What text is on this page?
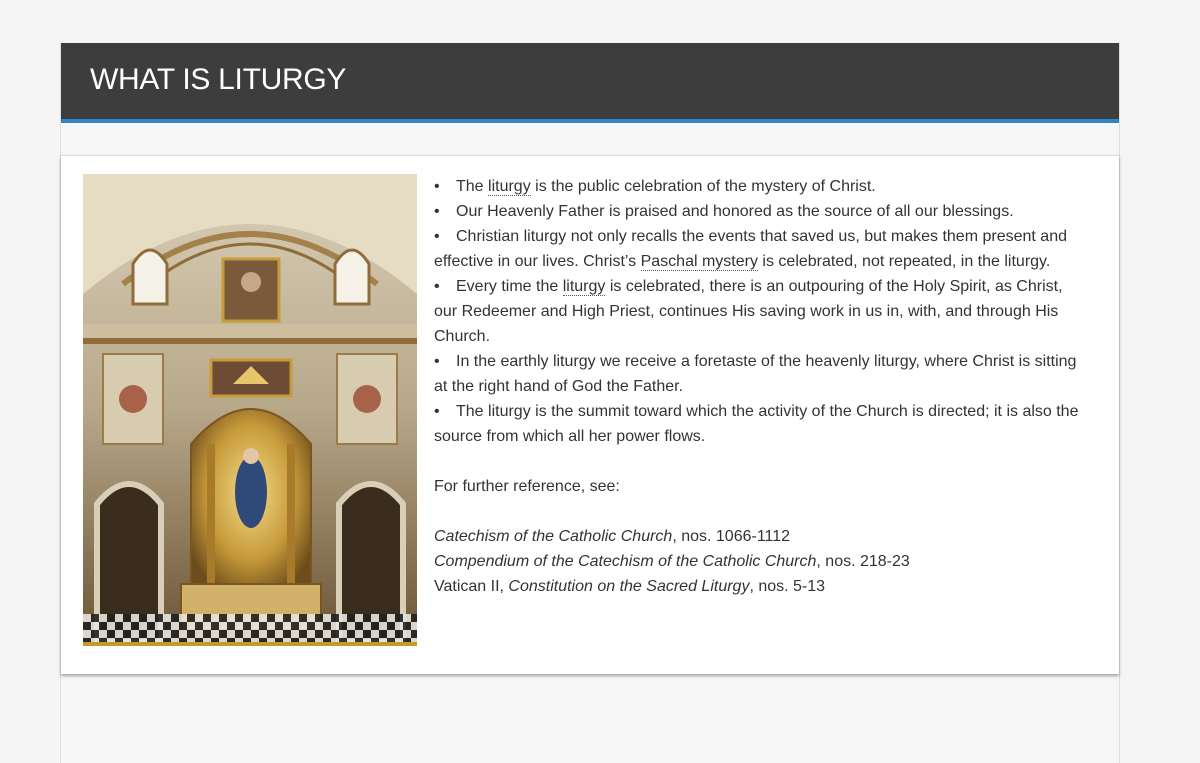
WHAT IS LITURGY

• The liturgy is the public celebration of the mystery of Christ.

• Our Heavenly Father is praised and honored as the source of all our blessings.

• Christian liturgy not only recalls the events that saved us, but makes them present and effective in our lives. Christ’s Paschal mystery is celebrated, not repeated, in the liturgy.

• Every time the liturgy is celebrated, there is an outpouring of the Holy Spirit, as Christ, our Redeemer and High Priest, continues His saving work in us in, with, and through His Church.

• In the earthly liturgy we receive a foretaste of the heavenly liturgy, where Christ is sitting at the right hand of God the Father.

• The liturgy is the summit toward which the activity of the Church is directed; it is also the source from which all her power flows.

For further reference, see:

Catechism of the Catholic Church, nos. 1066-1112

Compendium of the Catechism of the Catholic Church, nos. 218-23

Vatican II, Constitution on the Sacred Liturgy, nos. 5-13
